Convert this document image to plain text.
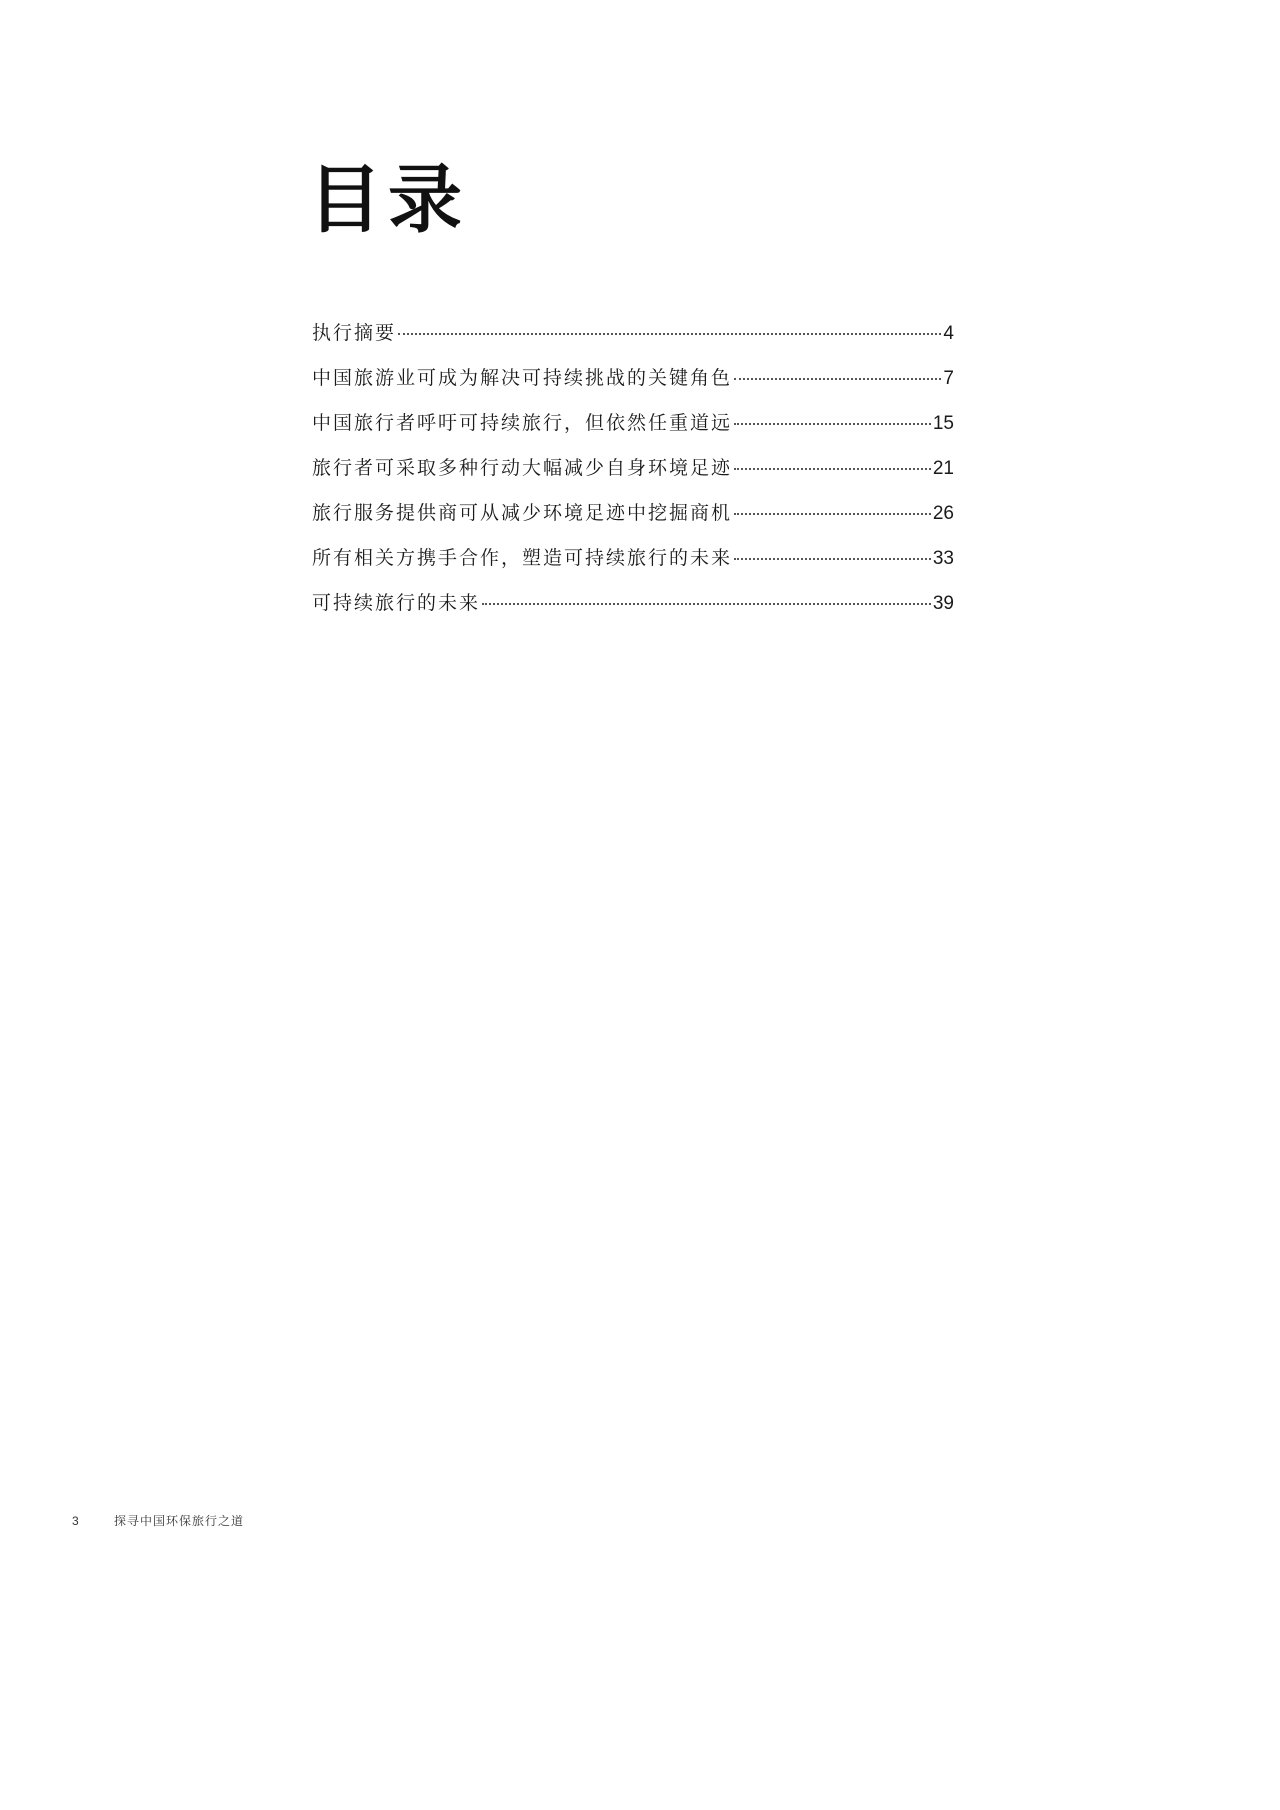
目录
执行摘要	4
中国旅游业可成为解决可持续挑战的关键角色	7
中国旅行者呼吁可持续旅行，但依然任重道远	15
旅行者可采取多种行动大幅减少自身环境足迹	21
旅行服务提供商可从减少环境足迹中挖掘商机	26
所有相关方携手合作，塑造可持续旅行的未来	33
可持续旅行的未来	39
3	探寻中国环保旅行之道
